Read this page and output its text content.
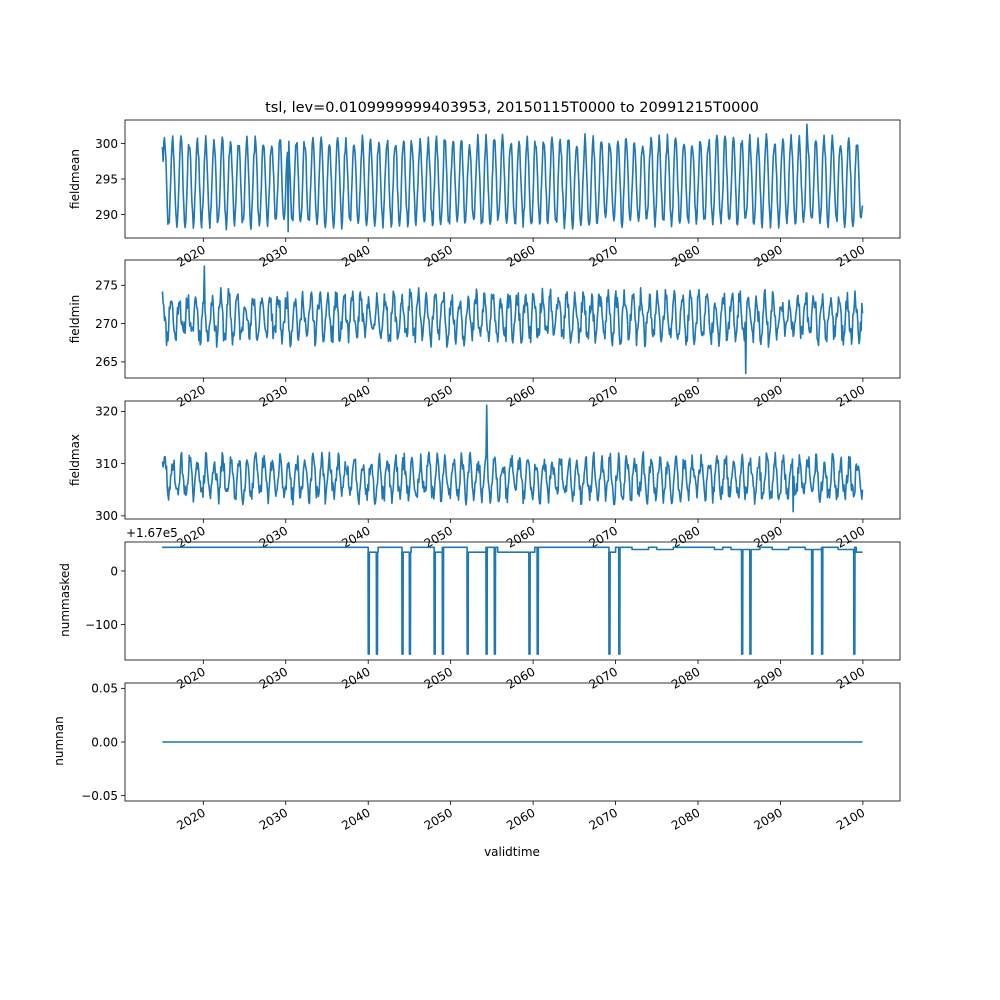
tsl, lev=0.0109999999403953, 20150115T0000 to 20991215T0000
fieldmean
290
295
300
2020	2030	2040	2050	2060	2070	2080	2090	2100
fieldmin
265
270
275
2020	2030	2040	2050	2060	2070	2080	2090	2100
fieldmax
300
310
320
2020	2030	2040	2050	2060	2070	2080	2090	2100
nummasked
+1.67e5
−100
0
2020	2030	2040	2050	2060	2070	2080	2090	2100
numnan
−0.05
0.00
0.05
2020	2030	2040	2050	2060	2070	2080	2090	2100
validtime
